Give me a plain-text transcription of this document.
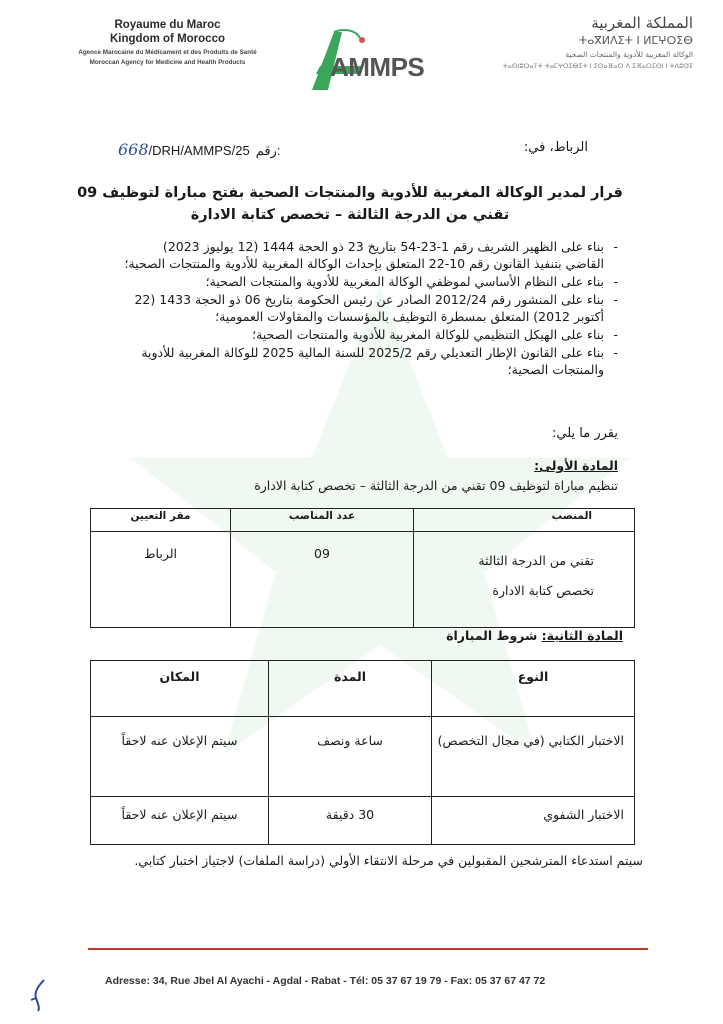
Royaume du Maroc
Kingdom of Morocco
Agence Marocaine du Médicament et des Produits de Santé
Moroccan Agency for Medicine and Health Products	AMMPS
المملكة المغربية
ⵜⴰⴳⵍⴷⵉⵜ ⵏ ⵍⵎⵖⵔⵉⴱ
الوكالة المغربية للأدوية والمنتجات الصحية
ⵜⴰⵙⵏⵓⵔⴰⵢⵜ ⵜⴰⵎⵖⵔⵉⴱⵉⵜ ⵏ ⵉⵙⴰⴼⴰⵔ ⴷ ⵉⴼⴰⵔⵉⵙⵏ ⵏ ⵜⴷⵓⵙⵉ
668/DRH/AMMPS/25 رقم:	الرباط، في:
قرار لمدير الوكالة المغربية للأدوية والمنتجات الصحية بفتح مباراة لتوظيف 09 تقني من الدرجة الثالثة – تخصص كتابة الادارة
- بناء على الظهير الشريف رقم 1-23-54 بتاريخ 23 ذو الحجة 1444 (12 يوليوز 2023) القاضي بتنفيذ القانون رقم 10-22 المتعلق بإحداث الوكالة المغربية للأدوية والمنتجات الصحية؛
- بناء على النظام الأساسي لموظفي الوكالة المغربية للأدوية والمنتجات الصحية؛
- بناء على المنشور رقم 2012/24 الصادر عن رئيس الحكومة بتاريخ 06 ذو الحجة 1433 (22 أكتوبر 2012) المتعلق بمسطرة التوظيف بالمؤسسات والمقاولات العمومية؛
- بناء على الهيكل التنظيمي للوكالة المغربية للأدوية والمنتجات الصحية؛
- بناء على القانون الإطار التعديلي رقم 2025/2 للسنة المالية 2025 للوكالة المغربية للأدوية والمنتجات الصحية؛
يقرر ما يلي:
المادة الأولى:
تنظيم مباراة لتوظيف 09 تقني من الدرجة الثالثة – تخصص كتابة الادارة
المنصب	عدد المناصب	مقر التعيين

تقني من الدرجة الثالثة
تخصص كتابة الادارة	09	الرباط
المادة الثانية: شروط المباراة
النوع	المدة	المكان
الاختبار الكتابي (في مجال التخصص)	ساعة ونصف	سيتم الإعلان عنه لاحقاً
الاختبار الشفوي	30 دقيقة	سيتم الإعلان عنه لاحقاً
سيتم استدعاء المترشحين المقبولين في مرحلة الانتقاء الأولي (دراسة الملفات) لاجتياز اختبار كتابي.
Adresse: 34, Rue Jbel Al Ayachi - Agdal - Rabat - Tél: 05 37 67 19 79 - Fax: 05 37 67 47 72
